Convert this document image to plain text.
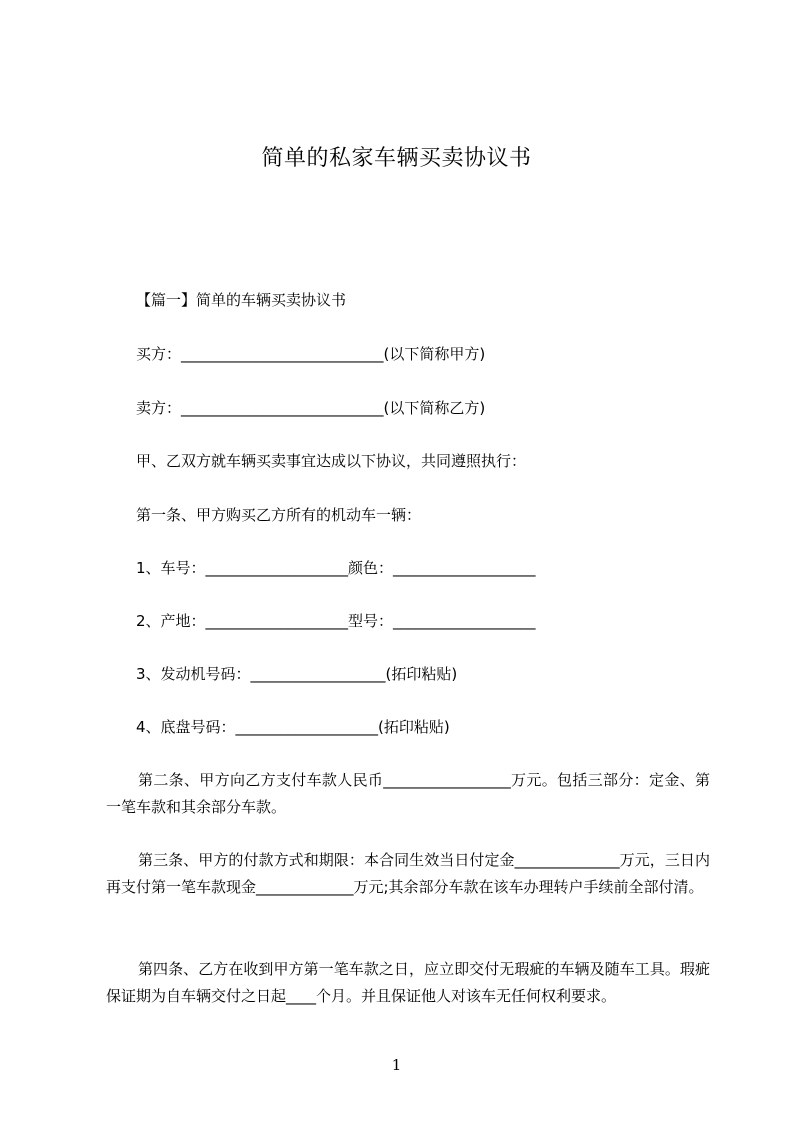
简单的私家车辆买卖协议书

【篇一】简单的车辆买卖协议书

买方：___________________________(以下简称甲方)

卖方：___________________________(以下简称乙方)

甲、乙双方就车辆买卖事宜达成以下协议，共同遵照执行：

第一条、甲方购买乙方所有的机动车一辆：

1、车号：___________________颜色：___________________

2、产地：___________________型号：___________________

3、发动机号码：__________________(拓印粘贴)

4、底盘号码：___________________(拓印粘贴)

第二条、甲方向乙方支付车款人民币_________________万元。包括三部分：定金、第一笔车款和其余部分车款。

第三条、甲方的付款方式和期限：本合同生效当日付定金______________万元，三日内再支付第一笔车款现金_____________万元;其余部分车款在该车办理转户手续前全部付清。

第四条、乙方在收到甲方第一笔车款之日，应立即交付无瑕疵的车辆及随车工具。瑕疵保证期为自车辆交付之日起____个月。并且保证他人对该车无任何权利要求。

1
